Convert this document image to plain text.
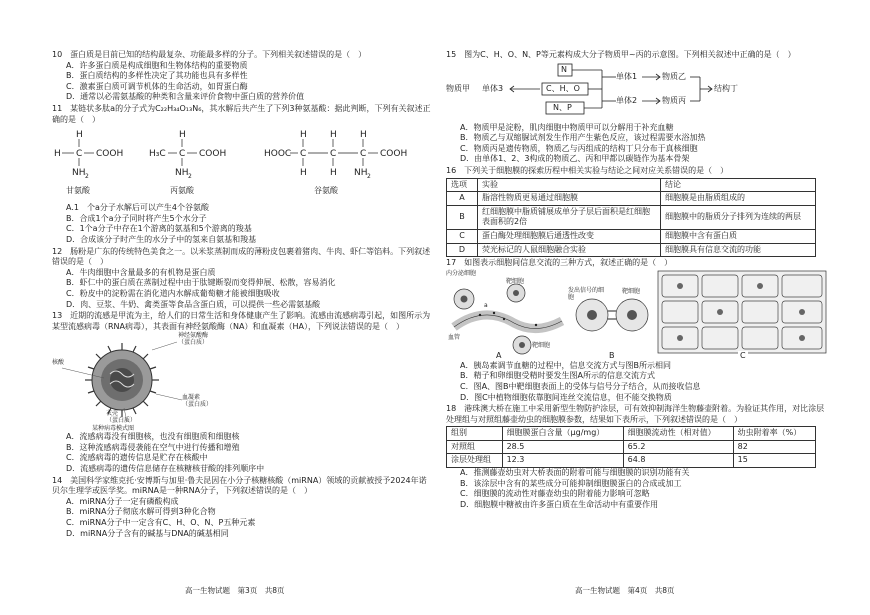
10　蛋白质是目前已知的结构最复杂、功能最多样的分子。下列相关叙述错误的是（　）

A．许多蛋白质是构成细胞和生物体结构的重要物质

B．蛋白质结构的多样性决定了其功能也具有多样性

C．激素蛋白质可调节机体的生命活动，如胃蛋白酶

D．通常以必需氨基酸的种类和含量来评价食物中蛋白质的营养价值

11　某链状多肽a的分子式为C₂₂H₃₄O₁₃N₆，其水解后共产生了下列3种氨基酸：据此判断，下列有关叙述正确的是（　）

H
H C COOH
NH 2
H
H₃C C COOH
NH 2
H	H	H
HOOC C	C	C COOH
H	H NH 2
甘氨酸	丙氨酸	谷氨酸

A.1　个a分子水解后可以产生4个谷氨酸

B．合成1个a分子同时将产生5个水分子

C．1个a分子中存在1个游离的氨基和5个游离的羧基

D．合成该分子时产生的水分子中的氢来自氨基和羧基

12　肠粉是广东的传统特色美食之一。以米浆蒸制而成的薄粉皮包裹着猪肉、牛肉、虾仁等馅料。下列叙述错误的是（　）

A．牛肉细胞中含量最多的有机物是蛋白质

B．虾仁中的蛋白质在蒸制过程中由于肽键断裂而变得伸展、松散，容易消化

C．粉皮中的淀粉需在消化道内水解成葡萄糖才能被细胞吸收

D．肉、豆浆、牛奶、禽类蛋等食品含蛋白质，可以提供一些必需氨基酸

13　近期的流感是甲流为主，给人们的日常生活和身体健康产生了影响。流感由流感病毒引起，如图所示为某型流感病毒（RNA病毒），其表面有神经氨酸酶（NA）和血凝素（HA），下列说法错误的是（　）

神经氨酸酶
（蛋白质）
核酸
血凝素
（蛋白质）
衣壳
（蛋白质）
某种病毒模式图

A．流感病毒没有细胞核，也没有细胞质和细胞核

B．这种流感病毒侵袭能在空气中进行传播和增殖

C．流感病毒的遗传信息是贮存在核酸中

D．流感病毒的遗传信息储存在核糖核苷酸的排列顺序中

14　美国科学家维克托·安博斯与加里·鲁夫昆因在小分子核糖核酸（miRNA）领域的贡献被授予2024年诺贝尔生理学或医学奖。miRNA是一种RNA分子，下列叙述错误的是（　）

A．miRNA分子一定有磷酸构成

B．miRNA分子彻底水解可得到3种化合物

C．miRNA分子中一定含有C、H、O、N、P五种元素

D．miRNA分子含有的碱基与DNA的碱基相同

高一生物试题　第3页　共8页

15　图为C、H、O、N、P等元素构成大分子物质甲~丙的示意图。下列相关叙述中正确的是（　）

N
C、H、O
N、P
物质甲 单体3
单体1
单体2
物质乙
物质丙
结构丁

A．物质甲是淀粉，肌肉细胞中物质甲可以分解用于补充血糖

B．物质乙与双缩脲试剂发生作用产生紫色反应，该过程需要水浴加热

C．物质丙是遗传物质，物质乙与丙组成的结构丁只分布于真核细胞

D．由单体1、2、3构成的物质乙、丙和甲都以碳链作为基本骨架

16　下列关于细胞膜的探索历程中相关实验与结论之间对应关系错误的是（　）

选项	实验	结论
A	脂溶性物质更易通过细胞膜	细胞膜是由脂质组成的
B	红细胞膜中脂质铺展成单分子层后面积是红细胞表面积的2倍	细胞膜中的脂质分子排列为连续的两层
C	蛋白酶处理细胞膜后通透性改变	细胞膜中含有蛋白质
D	荧光标记的人鼠细胞融合实验	细胞膜具有信息交流的功能

17　如图表示细胞间信息交流的三种方式，叙述正确的是（　）

内分泌细胞
a
血管
靶细胞
靶细胞
发出信号的细胞
靶细胞
A	B	C

A．胰岛素调节血糖的过程中，信息交流方式与图B所示相同

B．精子和卵细胞受精时要发生图A所示的信息交流方式

C．图A、图B中靶细胞表面上的受体与信号分子结合，从而接收信息

D．图C中植物细胞依靠胞间连丝交流信息，但不能交换物质

18　港珠澳大桥在施工中采用新型生物防护涂层，可有效抑制海洋生物藤壶附着。为验证其作用，对比涂层处理组与对照组藤壶幼虫的细胞膜参数，结果如下表所示，下列叙述错误的是（　）

组别	细胞膜蛋白含量（μg/mg）	细胞膜流动性（相对值）	幼虫附着率（%）
对照组	28.5	65.2	82
涂层处理组	12.3	64.8	15

A．推测藤壶幼虫对大桥表面的附着可能与细胞膜的识别功能有关

B．该涂层中含有的某些成分可能抑制细胞膜蛋白的合成或加工

C．细胞膜的流动性对藤壶幼虫的附着能力影响可忽略

D．细胞膜中糖被由许多蛋白质在生命活动中有重要作用

高一生物试题　第4页　共8页
